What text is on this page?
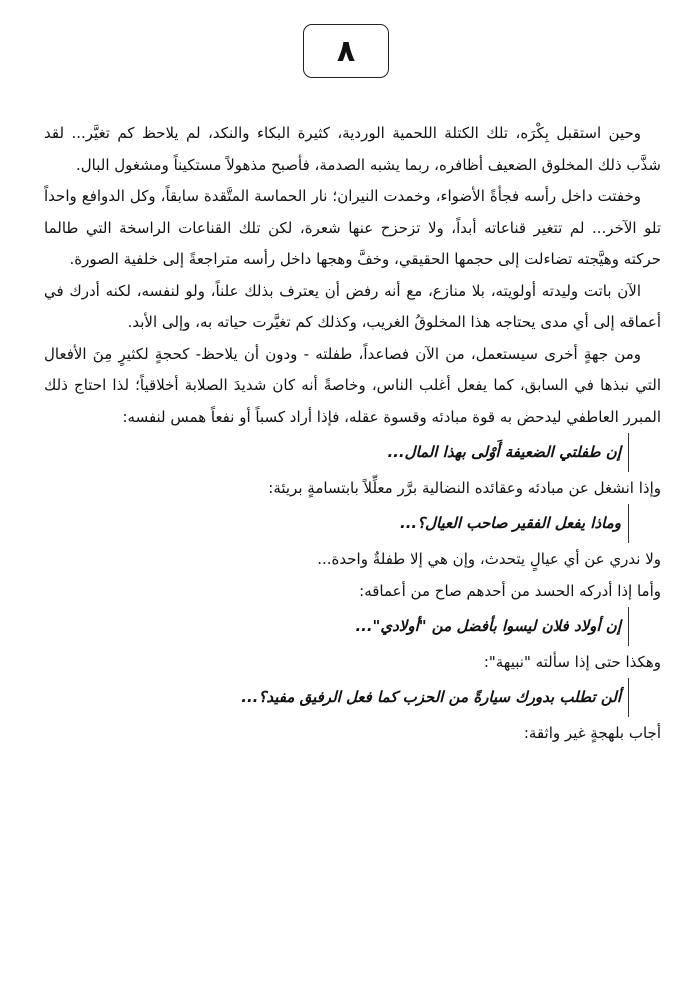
٨

وحين استقبل بِكْرَه، تلك الكتلة اللحمية الوردية، كثيرة البكاء والنكد، لم يلاحظ كم تغيَّر... لقد شذَّب ذلك المخلوق الضعيف أظافره، ربما يشبه الصدمة، فأصبح مذهولاً مستكيناً ومشغول البال.

وخفتت داخل رأسه فجأةً الأضواء، وخمدت النيران؛ نار الحماسة المتَّقدة سابقاً، وكل الدوافع واحداً تلو الآخر... لم تتغير قناعاته أبداً، ولا تزحزح عنها شعرة، لكن تلك القناعات الراسخة التي طالما حركته وهيَّجته تضاءلت إلى حجمها الحقيقي، وخفَّ وهجها داخل رأسه متراجعةً إلى خلفية الصورة.

الآن باتت وليدته أولويته، بلا منازع، مع أنه رفض أن يعترف بذلك علناً، ولو لنفسه، لكنه أدرك في أعماقه إلى أي مدى يحتاجه هذا المخلوقُ الغريب، وكذلك كم تغيَّرت حياته به، وإلى الأبد.

ومن جهةٍ أخرى سيستعمل، من الآن فصاعداً، طفلته - ودون أن يلاحظ- كحجةٍ لكثيرٍ مِنَ الأفعال التي نبذها في السابق، كما يفعل أغلب الناس، وخاصةً أنه كان شديدَ الصلابة أخلاقياً؛ لذا احتاج ذلك المبرر العاطفي ليدحض به قوة مبادئه وقسوة عقله، فإذا أراد كسباً أو نفعاً همس لنفسه:

إن طفلتي الضعيفة أَوْلى بهذا المال...

وإذا انشغل عن مبادئه وعقائده النضالية برَّر معلِّلاً بابتسامةٍ بريئة:

وماذا يفعل الفقير صاحب العيال؟...

ولا ندري عن أي عيالٍ يتحدث، وإن هي إلا طفلةٌ واحدة...

وأما إذا أدركه الحسد من أحدهم صاح من أعماقه:

إن أولاد فلان ليسوا بأفضل من "أولادي"...

وهكذا حتى إذا سألته "نبيهة":

ألن تطلب بدورك سيارةً من الحزب كما فعل الرفيق مفيد؟...

أجاب بلهجةٍ غير واثقة:
